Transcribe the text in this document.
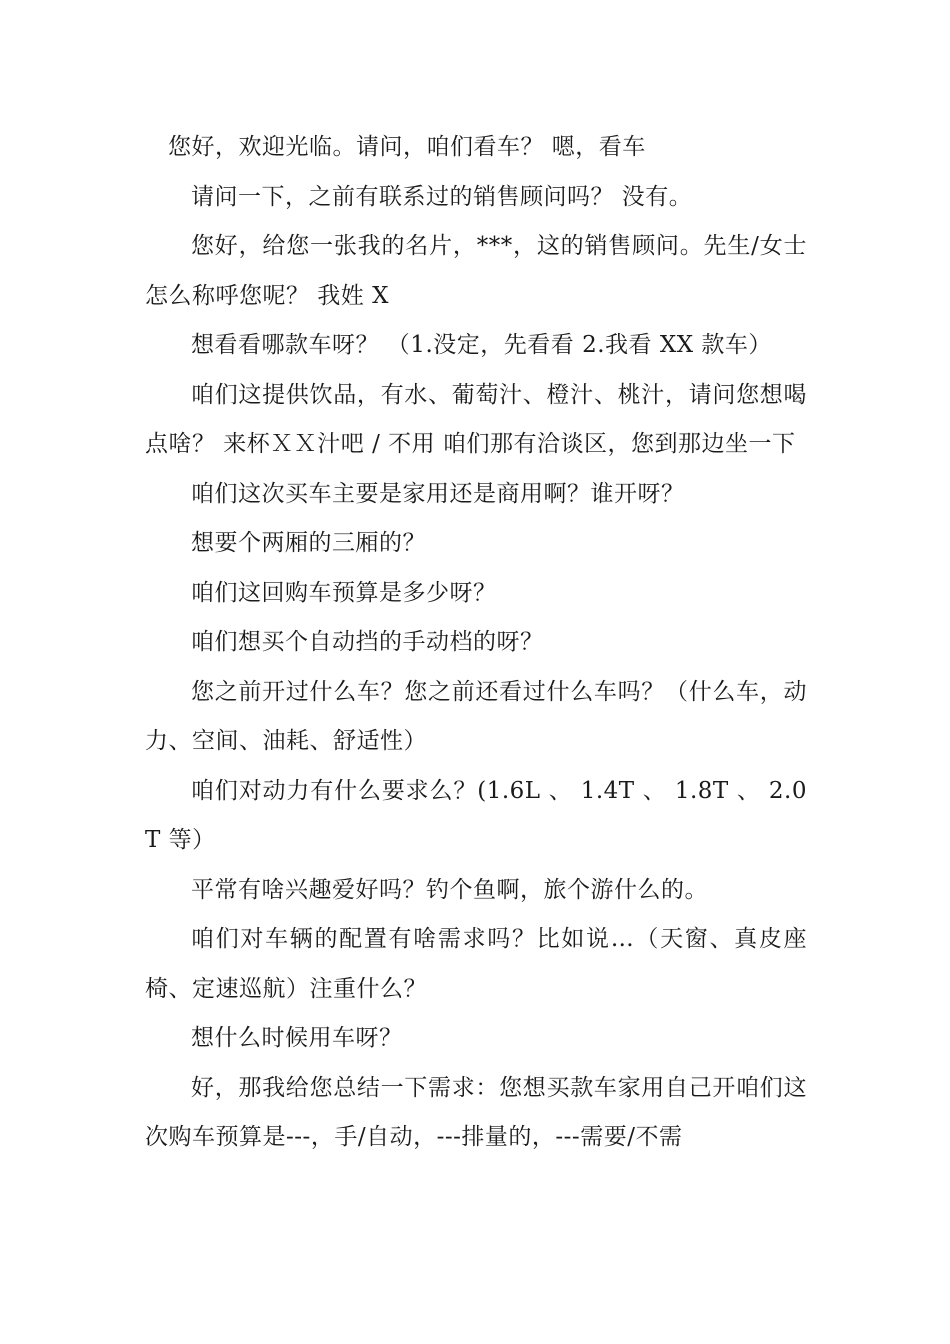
您好，欢迎光临。请问，咱们看车？ 嗯，看车

请问一下，之前有联系过的销售顾问吗？ 没有。

您好，给您一张我的名片，***，这的销售顾问。先生/女士怎么称呼您呢？ 我姓 X

想看看哪款车呀？ （1.没定，先看看 2.我看 XX 款车）

咱们这提供饮品，有水、葡萄汁、橙汁、桃汁，请问您想喝点啥？ 来杯ＸＸ汁吧 / 不用 咱们那有洽谈区，您到那边坐一下

咱们这次买车主要是家用还是商用啊？谁开呀？

想要个两厢的三厢的？

咱们这回购车预算是多少呀？

咱们想买个自动挡的手动档的呀？

您之前开过什么车？您之前还看过什么车吗？（什么车，动力、空间、油耗、舒适性）

咱们对动力有什么要求么？(1.6L 、 1.4T 、 1.8T 、 2.0T 等）

平常有啥兴趣爱好吗？钓个鱼啊，旅个游什么的。

咱们对车辆的配置有啥需求吗？比如说…（天窗、真皮座椅、定速巡航）注重什么？

想什么时候用车呀？

好，那我给您总结一下需求：您想买款车家用自己开咱们这次购车预算是---，手/自动，---排量的，---需要/不需
